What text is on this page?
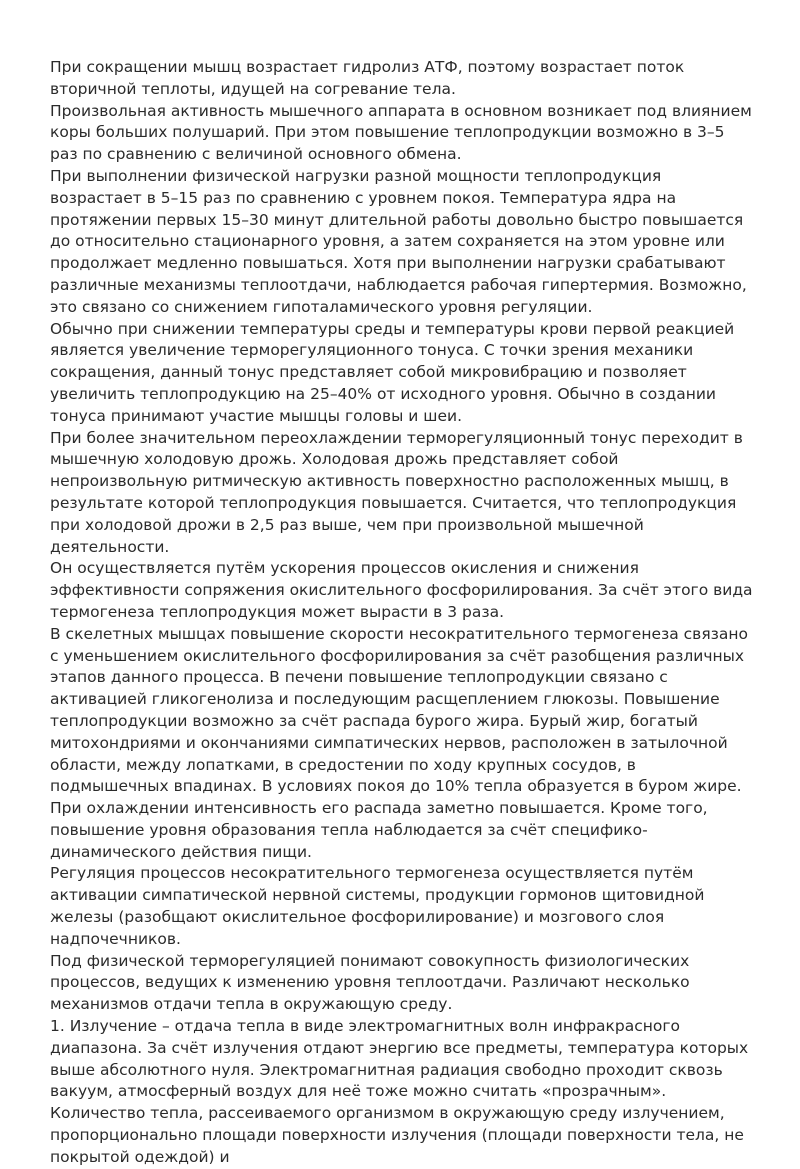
При сокращении мышц возрастает гидролиз АТФ, поэтому возрастает поток вторичной теплоты, идущей на согревание тела.

Произвольная активность мышечного аппарата в основном возникает под влиянием коры больших полушарий. При этом повышение теплопродукции возможно в 3–5 раз по сравнению с величиной основного обмена.

При выполнении физической нагрузки разной мощности теплопродукция возрастает в 5–15 раз по сравнению с уровнем покоя. Температура ядра на протяжении первых 15–30 минут длительной работы довольно быстро повышается до относительно стационарного уровня, а затем сохраняется на этом уровне или продолжает медленно повышаться. Хотя при выполнении нагрузки срабатывают различные механизмы теплоотдачи, наблюдается рабочая гипертермия. Возможно, это связано со снижением гипоталамического уровня регуляции.

Обычно при снижении температуры среды и температуры крови первой реакцией является увеличение терморегуляционного тонуса. С точки зрения механики сокращения, данный тонус представляет собой микровибрацию и позволяет увеличить теплопродукцию на 25–40% от исходного уровня. Обычно в создании тонуса принимают участие мышцы головы и шеи.

При более значительном переохлаждении терморегуляционный тонус переходит в мышечную холодовую дрожь. Холодовая дрожь представляет собой непроизвольную ритмическую активность поверхностно расположенных мышц, в результате которой теплопродукция повышается. Считается, что теплопродукция при холодовой дрожи в 2,5 раз выше, чем при произвольной мышечной деятельности.

Он осуществляется путём ускорения процессов окисления и снижения эффективности сопряжения окислительного фосфорилирования. За счёт этого вида термогенеза теплопродукция может вырасти в 3 раза.

В скелетных мышцах повышение скорости несократительного термогенеза связано с уменьшением окислительного фосфорилирования за счёт разобщения различных этапов данного процесса. В печени повышение теплопродукции связано с активацией гликогенолиза и последующим расщеплением глюкозы. Повышение теплопродукции возможно за счёт распада бурого жира. Бурый жир, богатый митохондриями и окончаниями симпатических нервов, расположен в затылочной области, между лопатками, в средостении по ходу крупных сосудов, в подмышечных впадинах. В условиях покоя до 10% тепла образуется в буром жире. При охлаждении интенсивность его распада заметно повышается. Кроме того, повышение уровня образования тепла наблюдается за счёт специфико-динамического действия пищи.

Регуляция процессов несократительного термогенеза осуществляется путём активации симпатической нервной системы, продукции гормонов щитовидной железы (разобщают окислительное фосфорилирование) и мозгового слоя надпочечников.

Под физической терморегуляцией понимают совокупность физиологических процессов, ведущих к изменению уровня теплоотдачи. Различают несколько механизмов отдачи тепла в окружающую среду.

1. Излучение – отдача тепла в виде электромагнитных волн инфракрасного диапазона. За счёт излучения отдают энергию все предметы, температура которых выше абсолютного нуля. Электромагнитная радиация свободно проходит сквозь вакуум, атмосферный воздух для неё тоже можно считать «прозрачным». Количество тепла, рассеиваемого организмом в окружающую среду излучением, пропорционально площади поверхности излучения (площади поверхности тела, не покрытой одеждой) и
